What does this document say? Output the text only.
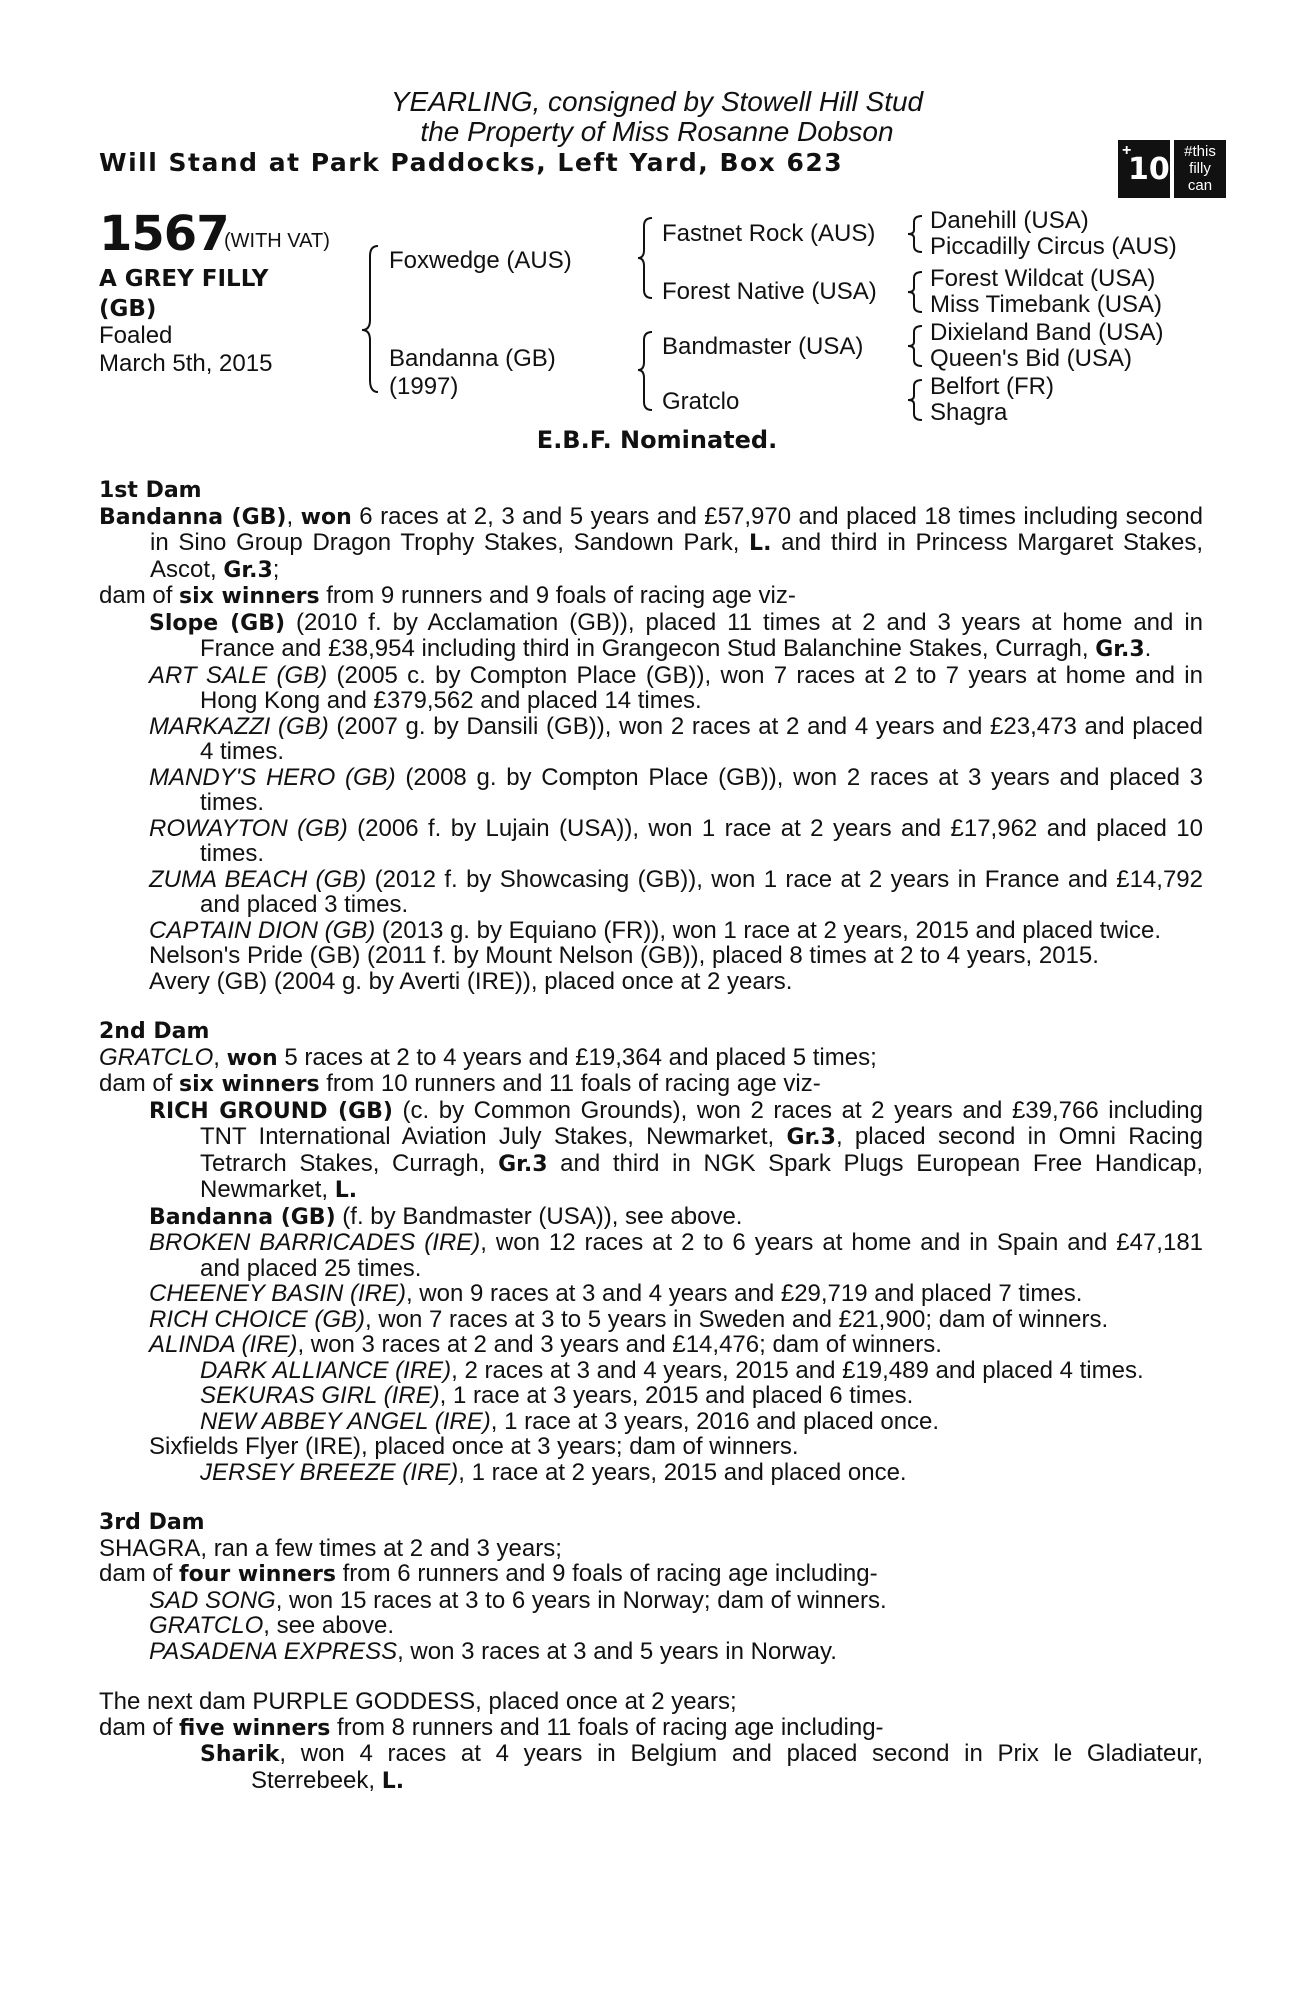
YEARLING, consigned by Stowell Hill Stud
the Property of Miss Rosanne Dobson
Will Stand at Park Paddocks, Left Yard, Box 623	+
10
#this
filly
can
1567
(WITH VAT)
A GREY FILLY
(GB)
Foaled
March 5th, 2015
Foxwedge (AUS)
Bandanna (GB)
(1997)
Fastnet Rock (AUS)
Forest Native (USA)
Bandmaster (USA)
Gratclo
Danehill (USA)
Piccadilly Circus (AUS)
Forest Wildcat (USA)
Miss Timebank (USA)
Dixieland Band (USA)
Queen's Bid (USA)
Belfort (FR)
Shagra
E.B.F. Nominated.
1st Dam
Bandanna (GB), won 6 races at 2, 3 and 5 years and £57,970 and placed 18 times including second in Sino Group Dragon Trophy Stakes, Sandown Park, L. and third in Princess Margaret Stakes, Ascot, Gr.3;
dam of six winners from 9 runners and 9 foals of racing age viz-
Slope (GB) (2010 f. by Acclamation (GB)), placed 11 times at 2 and 3 years at home and in France and £38,954 including third in Grangecon Stud Balanchine Stakes, Curragh, Gr.3.
ART SALE (GB) (2005 c. by Compton Place (GB)), won 7 races at 2 to 7 years at home and in Hong Kong and £379,562 and placed 14 times.
MARKAZZI (GB) (2007 g. by Dansili (GB)), won 2 races at 2 and 4 years and £23,473 and placed 4 times.
MANDY'S HERO (GB) (2008 g. by Compton Place (GB)), won 2 races at 3 years and placed 3 times.
ROWAYTON (GB) (2006 f. by Lujain (USA)), won 1 race at 2 years and £17,962 and placed 10 times.
ZUMA BEACH (GB) (2012 f. by Showcasing (GB)), won 1 race at 2 years in France and £14,792 and placed 3 times.
CAPTAIN DION (GB) (2013 g. by Equiano (FR)), won 1 race at 2 years, 2015 and placed twice.
Nelson's Pride (GB) (2011 f. by Mount Nelson (GB)), placed 8 times at 2 to 4 years, 2015.
Avery (GB) (2004 g. by Averti (IRE)), placed once at 2 years.
2nd Dam
GRATCLO, won 5 races at 2 to 4 years and £19,364 and placed 5 times;
dam of six winners from 10 runners and 11 foals of racing age viz-
RICH GROUND (GB) (c. by Common Grounds), won 2 races at 2 years and £39,766 including TNT International Aviation July Stakes, Newmarket, Gr.3, placed second in Omni Racing Tetrarch Stakes, Curragh, Gr.3 and third in NGK Spark Plugs European Free Handicap, Newmarket, L.
Bandanna (GB) (f. by Bandmaster (USA)), see above.
BROKEN BARRICADES (IRE), won 12 races at 2 to 6 years at home and in Spain and £47,181 and placed 25 times.
CHEENEY BASIN (IRE), won 9 races at 3 and 4 years and £29,719 and placed 7 times.
RICH CHOICE (GB), won 7 races at 3 to 5 years in Sweden and £21,900; dam of winners.
ALINDA (IRE), won 3 races at 2 and 3 years and £14,476; dam of winners.
DARK ALLIANCE (IRE), 2 races at 3 and 4 years, 2015 and £19,489 and placed 4 times.
SEKURAS GIRL (IRE), 1 race at 3 years, 2015 and placed 6 times.
NEW ABBEY ANGEL (IRE), 1 race at 3 years, 2016 and placed once.
Sixfields Flyer (IRE), placed once at 3 years; dam of winners.
JERSEY BREEZE (IRE), 1 race at 2 years, 2015 and placed once.
3rd Dam
SHAGRA, ran a few times at 2 and 3 years;
dam of four winners from 6 runners and 9 foals of racing age including-
SAD SONG, won 15 races at 3 to 6 years in Norway; dam of winners.
GRATCLO, see above.
PASADENA EXPRESS, won 3 races at 3 and 5 years in Norway.
The next dam PURPLE GODDESS, placed once at 2 years;
dam of five winners from 8 runners and 11 foals of racing age including-
Sharik, won 4 races at 4 years in Belgium and placed second in Prix le Gladiateur, Sterrebeek, L.
